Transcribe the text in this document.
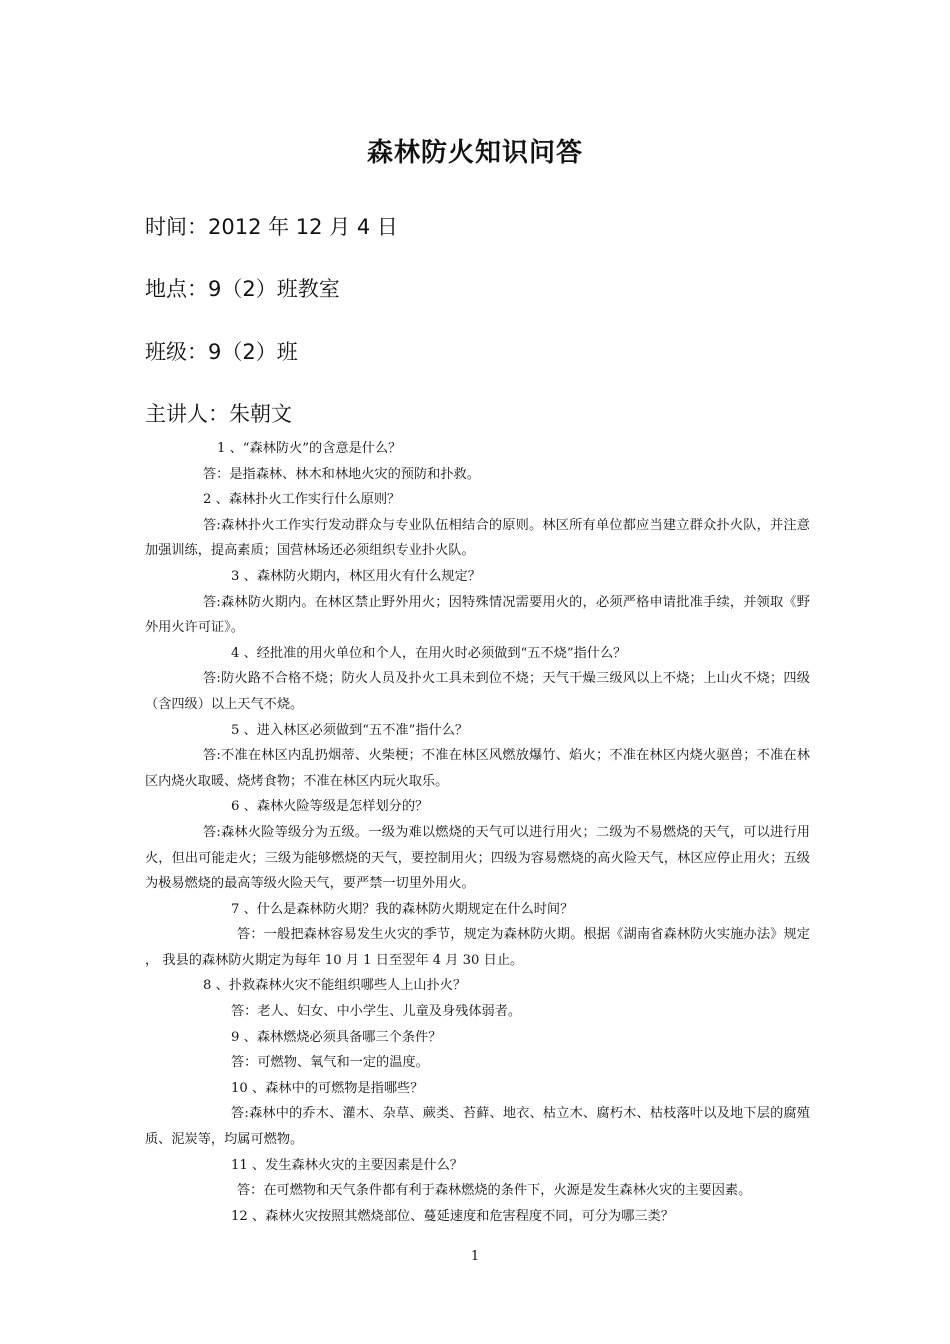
森林防火知识问答

时间：2012 年 12 月 4 日

地点：9（2）班教室

班级：9（2）班

主讲人：朱朝文

1 、“森林防火”的含意是什么？

答：是指森林、林木和林地火灾的预防和扑救。

2 、森林扑火工作实行什么原则？

答:森林扑火工作实行发动群众与专业队伍相结合的原则。林区所有单位都应当建立群众扑火队，并注意加强训练，提高素质；国营林场还必须组织专业扑火队。

3 、森林防火期内，林区用火有什么规定？

答:森林防火期内。在林区禁止野外用火；因特殊情况需要用火的，必须严格申请批准手续，并领取《野外用火许可证》。

4 、经批准的用火单位和个人，在用火时必须做到“五不烧”指什么？

答:防火路不合格不烧；防火人员及扑火工具未到位不烧；天气干燥三级风以上不烧；上山火不烧；四级（含四级）以上天气不烧。

5 、进入林区必须做到“五不准”指什么？

答:不准在林区内乱扔烟蒂、火柴梗；不准在林区风燃放爆竹、焰火；不准在林区内烧火驱兽；不准在林区内烧火取暖、烧烤食物；不准在林区内玩火取乐。

6 、森林火险等级是怎样划分的？

答:森林火险等级分为五级。一级为难以燃烧的天气可以进行用火；二级为不易燃烧的天气，可以进行用火，但出可能走火；三级为能够燃烧的天气，要控制用火；四级为容易燃烧的高火险天气，林区应停止用火；五级为极易燃烧的最高等级火险天气，要严禁一切里外用火。

7 、什么是森林防火期？我的森林防火期规定在什么时间？

答：一般把森林容易发生火灾的季节，规定为森林防火期。根据《湖南省森林防火实施办法》规定 ， 我县的森林防火期定为每年 10 月 1 日至翌年 4 月 30 日止。

8 、扑救森林火灾不能组织哪些人上山扑火？

答：老人、妇女、中小学生、儿童及身残体弱者。

9 、森林燃烧必须具备哪三个条件？

答：可燃物、氧气和一定的温度。

10 、森林中的可燃物是指哪些？

答:森林中的乔木、灌木、杂草、蕨类、苔藓、地衣、枯立木、腐朽木、枯枝落叶以及地下层的腐殖质、泥炭等，均属可燃物。

11 、发生森林火灾的主要因素是什么？

答：在可燃物和天气条件都有利于森林燃烧的条件下，火源是发生森林火灾的主要因素。

12 、森林火灾按照其燃烧部位、蔓延速度和危害程度不同，可分为哪三类？

1
